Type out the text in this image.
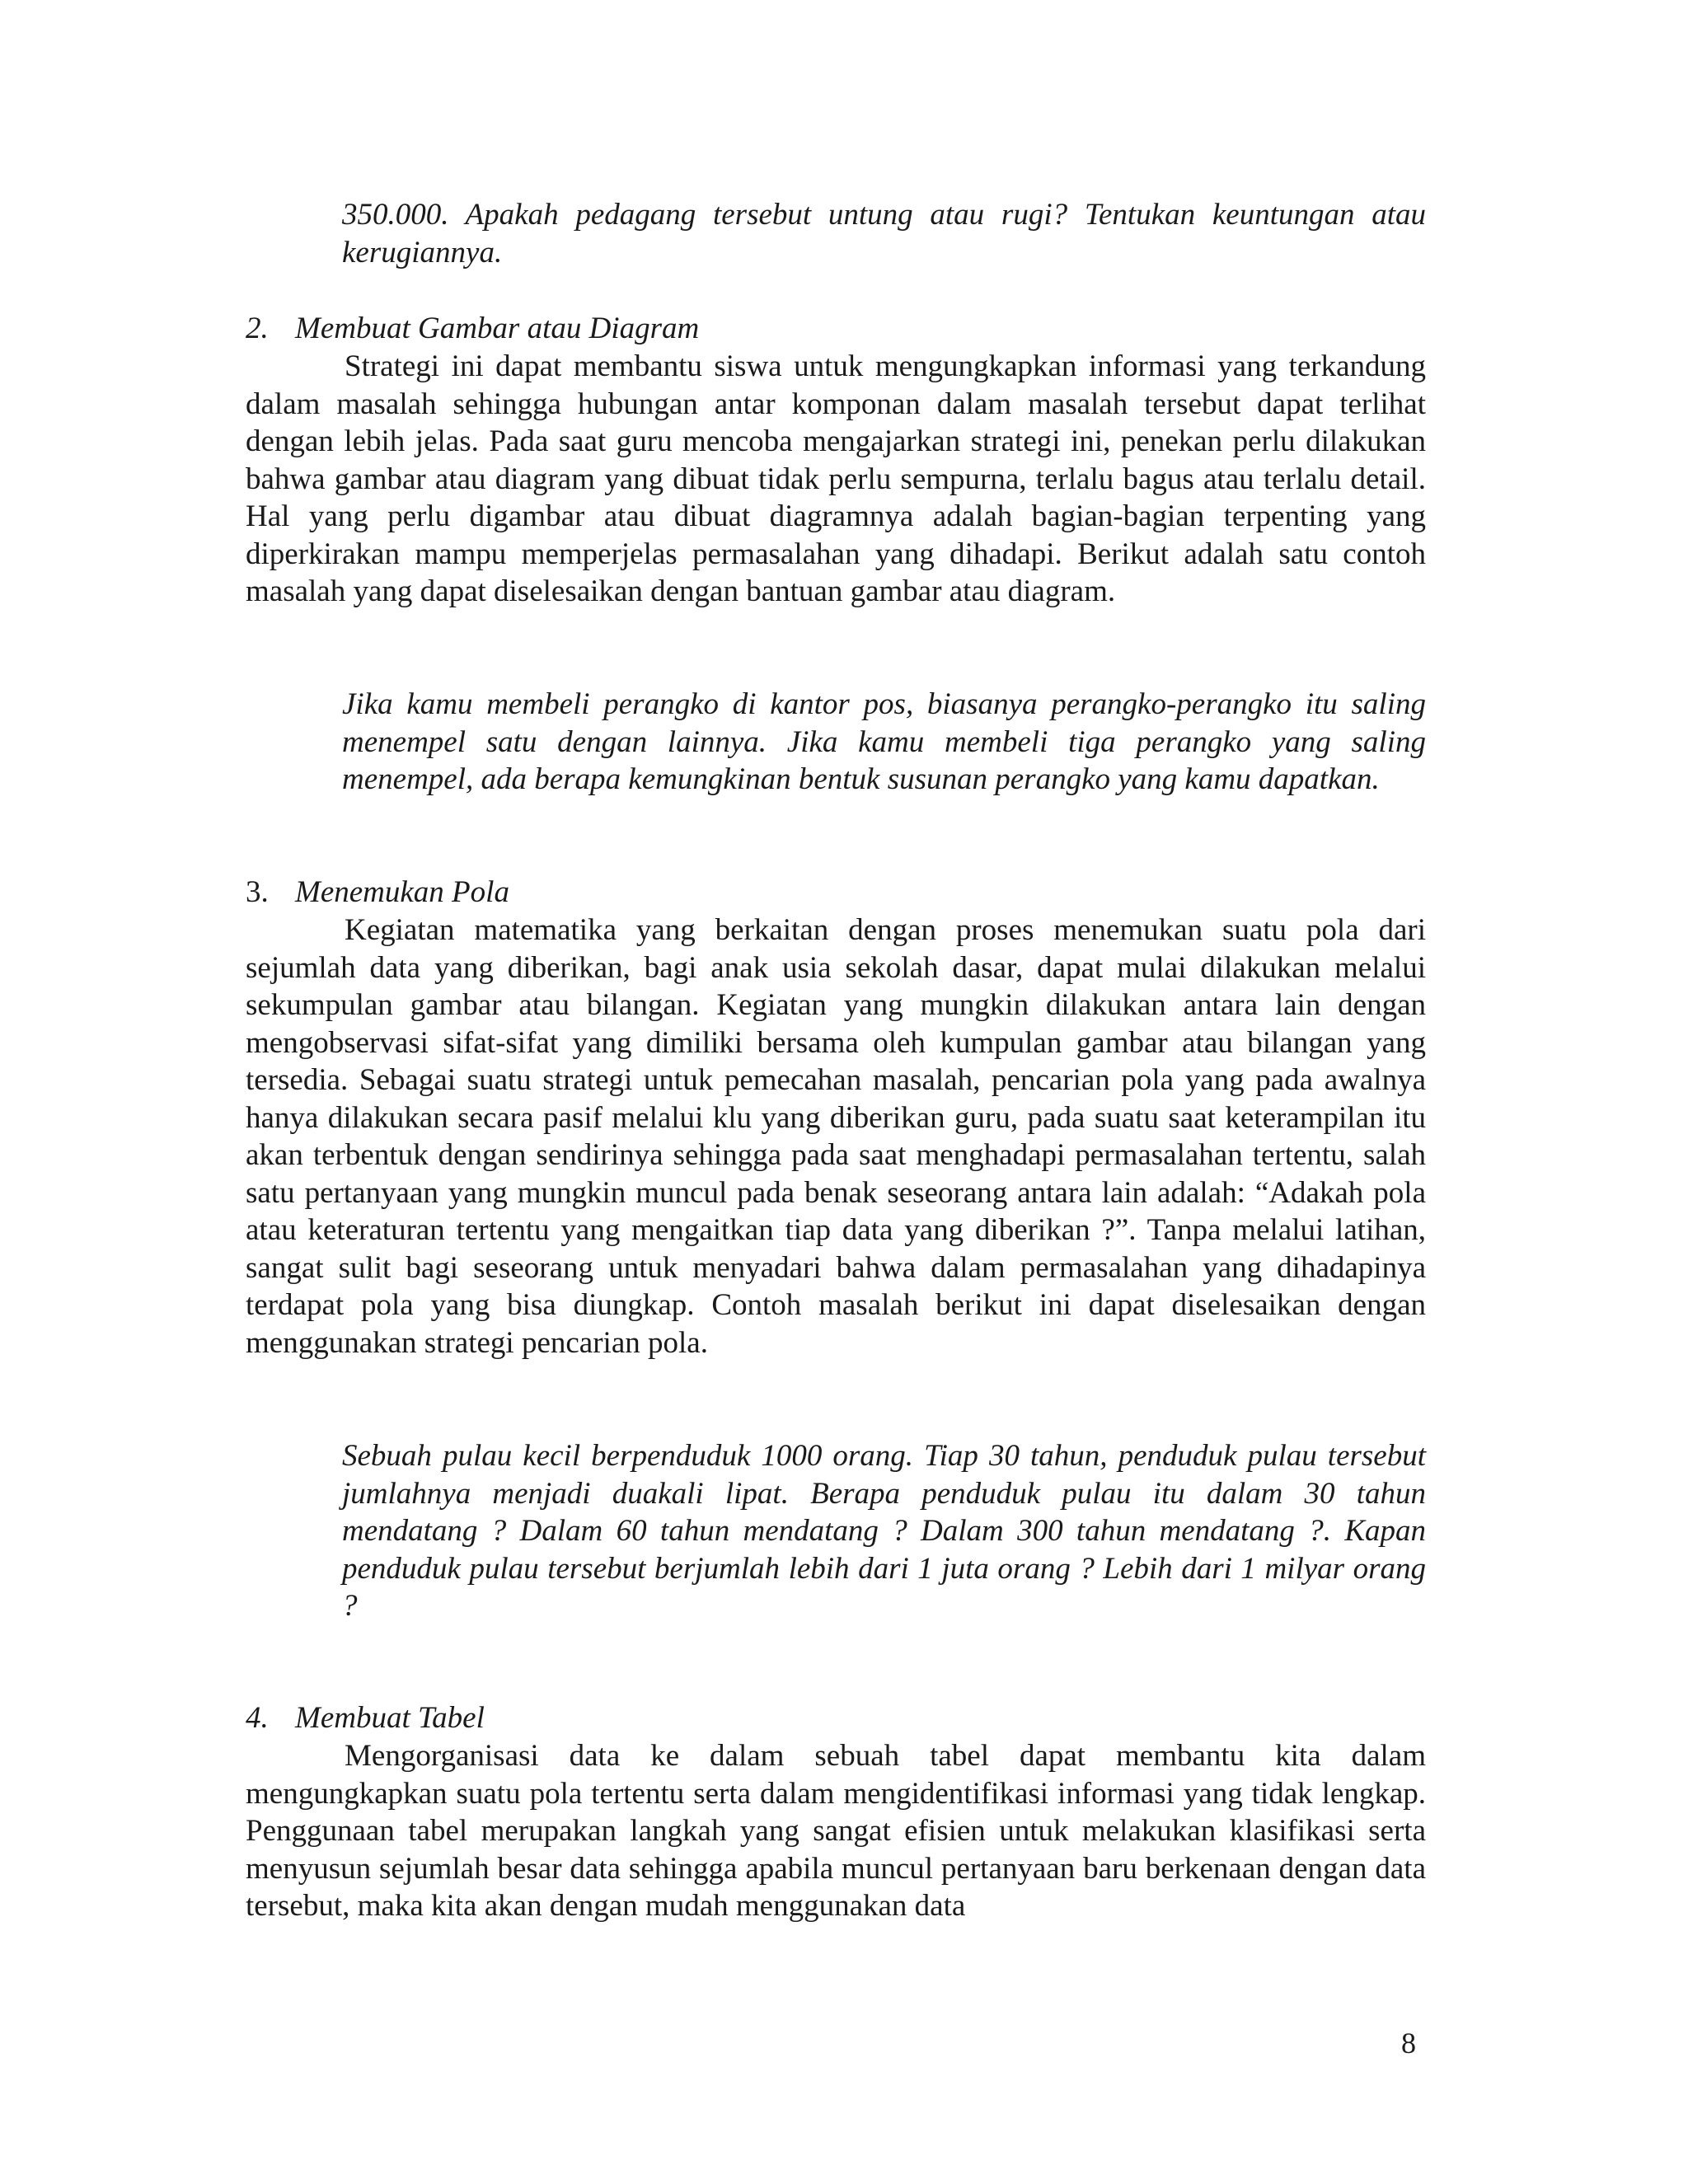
350.000. Apakah pedagang tersebut untung atau rugi? Tentukan keuntungan atau kerugiannya.

2. Membuat Gambar atau Diagram

Strategi ini dapat membantu siswa untuk mengungkapkan informasi yang terkandung dalam masalah sehingga hubungan antar komponan dalam masalah tersebut dapat terlihat dengan lebih jelas. Pada saat guru mencoba mengajarkan strategi ini, penekan perlu dilakukan bahwa gambar atau diagram yang dibuat tidak perlu sempurna, terlalu bagus atau terlalu detail. Hal yang perlu digambar atau dibuat diagramnya adalah bagian-bagian terpenting yang diperkirakan mampu memperjelas permasalahan yang dihadapi. Berikut adalah satu contoh masalah yang dapat diselesaikan dengan bantuan gambar atau diagram.

Jika kamu membeli perangko di kantor pos, biasanya perangko-perangko itu saling menempel satu dengan lainnya. Jika kamu membeli tiga perangko yang saling menempel, ada berapa kemungkinan bentuk susunan perangko yang kamu dapatkan.

3. Menemukan Pola

Kegiatan matematika yang berkaitan dengan proses menemukan suatu pola dari sejumlah data yang diberikan, bagi anak usia sekolah dasar, dapat mulai dilakukan melalui sekumpulan gambar atau bilangan. Kegiatan yang mungkin dilakukan antara lain dengan mengobservasi sifat-sifat yang dimiliki bersama oleh kumpulan gambar atau bilangan yang tersedia. Sebagai suatu strategi untuk pemecahan masalah, pencarian pola yang pada awalnya hanya dilakukan secara pasif melalui klu yang diberikan guru, pada suatu saat keterampilan itu akan terbentuk dengan sendirinya sehingga pada saat menghadapi permasalahan tertentu, salah satu pertanyaan yang mungkin muncul pada benak seseorang antara lain adalah: “Adakah pola atau keteraturan tertentu yang mengaitkan tiap data yang diberikan ?”. Tanpa melalui latihan, sangat sulit bagi seseorang untuk menyadari bahwa dalam permasalahan yang dihadapinya terdapat pola yang bisa diungkap. Contoh masalah berikut ini dapat diselesaikan dengan menggunakan strategi pencarian pola.

Sebuah pulau kecil berpenduduk 1000 orang. Tiap 30 tahun, penduduk pulau tersebut jumlahnya menjadi duakali lipat. Berapa penduduk pulau itu dalam 30 tahun mendatang ? Dalam 60 tahun mendatang ? Dalam 300 tahun mendatang ?. Kapan penduduk pulau tersebut berjumlah lebih dari 1 juta orang ? Lebih dari 1 milyar orang ?

4. Membuat Tabel

Mengorganisasi data ke dalam sebuah tabel dapat membantu kita dalam mengungkapkan suatu pola tertentu serta dalam mengidentifikasi informasi yang tidak lengkap. Penggunaan tabel merupakan langkah yang sangat efisien untuk melakukan klasifikasi serta menyusun sejumlah besar data sehingga apabila muncul pertanyaan baru berkenaan dengan data tersebut, maka kita akan dengan mudah menggunakan data

8
